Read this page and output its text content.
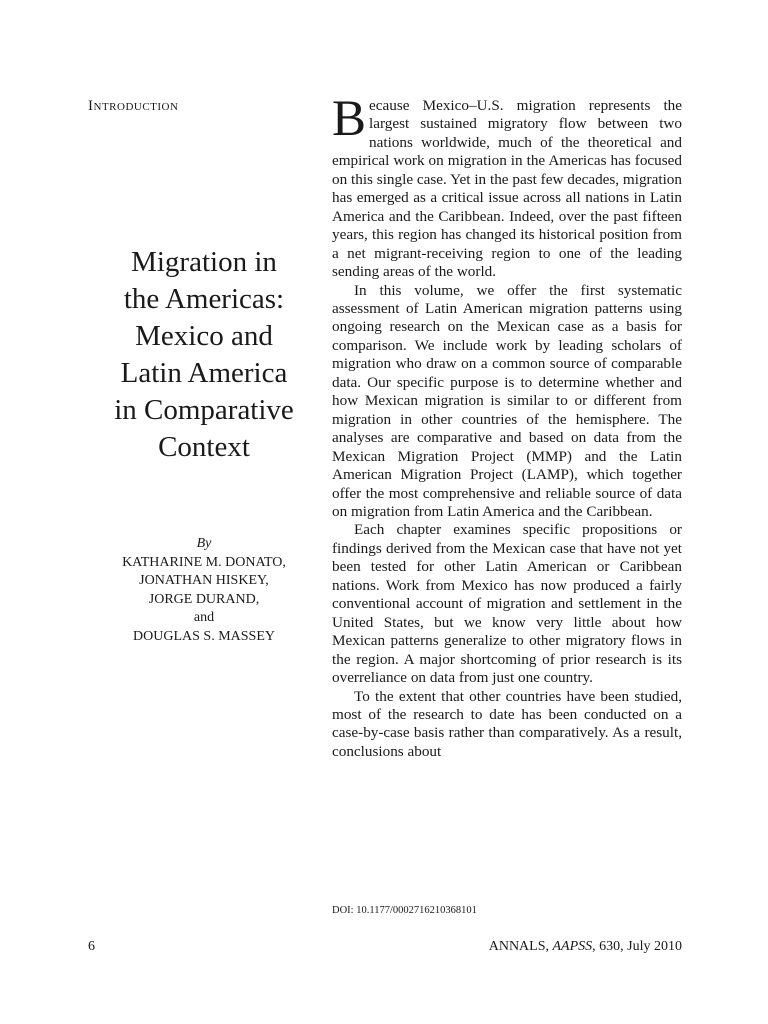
Introduction
Migration in
the Americas:
Mexico and
Latin America
in Comparative
Context
By
KATHARINE M. DONATO,
JONATHAN HISKEY,
JORGE DURAND,
and
DOUGLAS S. MASSEY

Because Mexico–U.S. migration represents the largest sustained migratory flow between two nations worldwide, much of the theoretical and empirical work on migration in the Americas has focused on this single case. Yet in the past few decades, migration has emerged as a critical issue across all nations in Latin America and the Caribbean. Indeed, over the past fifteen years, this region has changed its historical position from a net migrant-receiving region to one of the leading sending areas of the world.

In this volume, we offer the first systematic assessment of Latin American migration patterns using ongoing research on the Mexican case as a basis for comparison. We include work by leading scholars of migration who draw on a common source of comparable data. Our specific purpose is to determine whether and how Mexican migration is similar to or different from migration in other countries of the hemisphere. The analyses are comparative and based on data from the Mexican Migration Project (MMP) and the Latin American Migration Project (LAMP), which together offer the most comprehensive and reliable source of data on migration from Latin America and the Caribbean.

Each chapter examines specific propositions or findings derived from the Mexican case that have not yet been tested for other Latin American or Caribbean nations. Work from Mexico has now produced a fairly conventional account of migration and settlement in the United States, but we know very little about how Mexican patterns generalize to other migratory flows in the region. A major shortcoming of prior research is its overreliance on data from just one country.

To the extent that other countries have been studied, most of the research to date has been conducted on a case-by-case basis rather than comparatively. As a result, conclusions about

DOI: 10.1177/0002716210368101
6	ANNALS, AAPSS, 630, July 2010
